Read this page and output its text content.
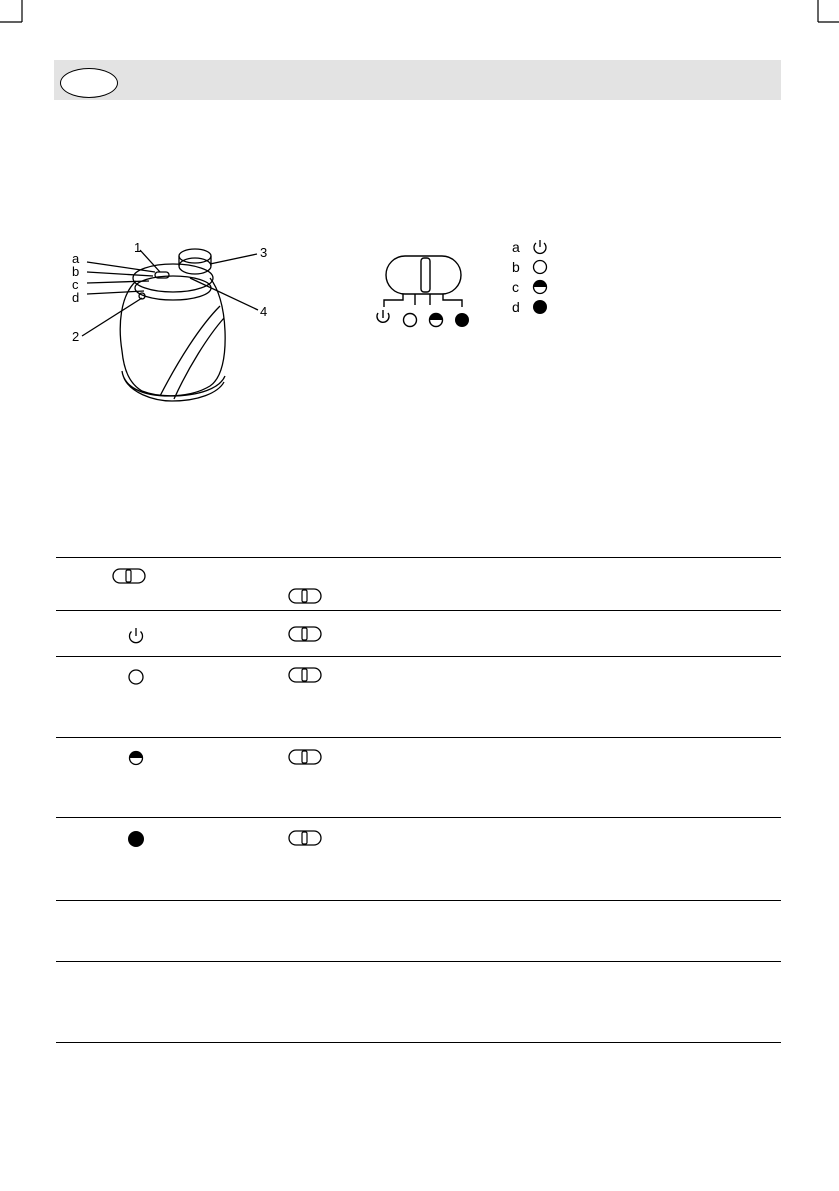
a
b
c
d
1
2
3
4
a
b
c
d
